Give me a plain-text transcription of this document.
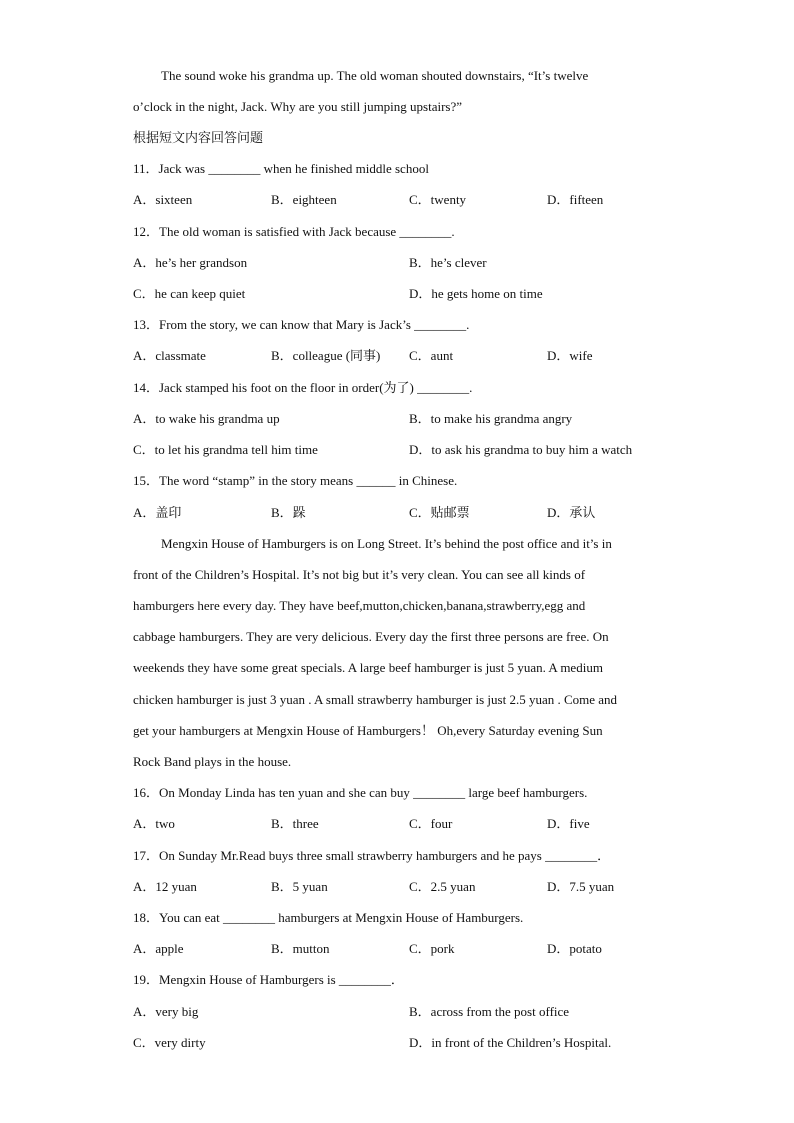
The sound woke his grandma up. The old woman shouted downstairs, “It’s twelve
o’clock in the night, Jack. Why are you still jumping upstairs?”
根据短文内容回答问题
11．Jack was ________ when he finished middle school
A．sixteen	B．eighteen	C．twenty	D．fifteen
12．The old woman is satisfied with Jack because ________.
A．he’s her grandson	B．he’s clever
C．he can keep quiet	D．he gets home on time
13．From the story, we can know that Mary is Jack’s ________.
A．classmate	B．colleague (同事) C．aunt	D．wife
14．Jack stamped his foot on the floor in order(为了) ________.
A．to wake his grandma up	B．to make his grandma angry
C．to let his grandma tell him time	D．to ask his grandma to buy him a watch
15．The word “stamp” in the story means ______ in Chinese.
A．盖印	B．跺	C．贴邮票	D．承认
Mengxin House of Hamburgers is on Long Street. It’s behind the post office and it’s in
front of the Children’s Hospital. It’s not big but it’s very clean. You can see all kinds of
hamburgers here every day. They have beef,mutton,chicken,banana,strawberry,egg and
cabbage hamburgers. They are very delicious. Every day the first three persons are free. On
weekends they have some great specials. A large beef hamburger is just 5 yuan. A medium
chicken hamburger is just 3 yuan . A small strawberry hamburger is just 2.5 yuan . Come and
get your hamburgers at Mengxin House of Hamburgers！ Oh,every Saturday evening Sun
Rock Band plays in the house.
16．On Monday Linda has ten yuan and she can buy ________ large beef hamburgers.
A．two	B．three	C．four	D．five
17．On Sunday Mr.Read buys three small strawberry hamburgers and he pays ________．
A．12 yuan	B．5 yuan	C．2.5 yuan	D．7.5 yuan
18．You can eat ________ hamburgers at Mengxin House of Hamburgers.
A．apple	B．mutton	C．pork	D．potato
19．Mengxin House of Hamburgers is ________．
A．very big	B．across from the post office
C．very dirty	D．in front of the Children’s Hospital.
